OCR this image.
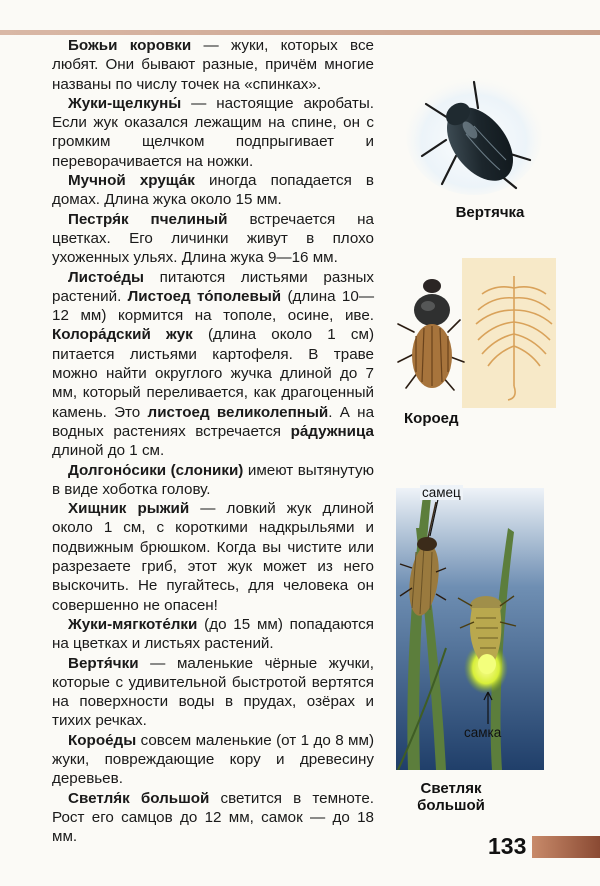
Божьи коровки — жуки, которых все любят. Они бывают разные, причём многие названы по числу точек на «спинках».

Жуки-щелкуны́ — настоящие акробаты. Если жук оказался лежащим на спине, он с громким щелчком подпрыгивает и переворачивается на ножки.

Мучной хруща́к иногда попадается в домах. Длина жука около 15 мм.

Пестря́к пчелиный встречается на цветках. Его личинки живут в плохо ухоженных ульях. Длина жука 9—16 мм.

Листое́ды питаются листьями разных растений. Листоед то́полевый (длина 10—12 мм) кормится на тополе, осине, иве. Колора́дский жук (длина около 1 см) питается листьями картофеля. В траве можно найти округлого жучка длиной до 7 мм, который переливается, как драгоценный камень. Это листоед великолепный. А на водных растениях встречается ра́дужница длиной до 1 см.

Долгоно́сики (слоники) имеют вытянутую в виде хоботка голову.

Хищник рыжий — ловкий жук длиной около 1 см, с короткими надкрыльями и подвижным брюшком. Когда вы чистите или разрезаете гриб, этот жук может из него выскочить. Не пугайтесь, для человека он совершенно не опасен!

Жуки-мягкоте́лки (до 15 мм) попадаются на цветках и листьях растений.

Вертя́чки — маленькие чёрные жучки, которые с удивительной быстротой вертятся на поверхности воды в прудах, озёрах и тихих речках.

Корое́ды совсем маленькие (от 1 до 8 мм) жуки, повреждающие кору и древесину деревьев.

Светля́к большой светится в темноте. Рост его самцов до 12 мм, самок — до 18 мм.

Вертячка
Короед
самец
самка
Светляк
большой
133
